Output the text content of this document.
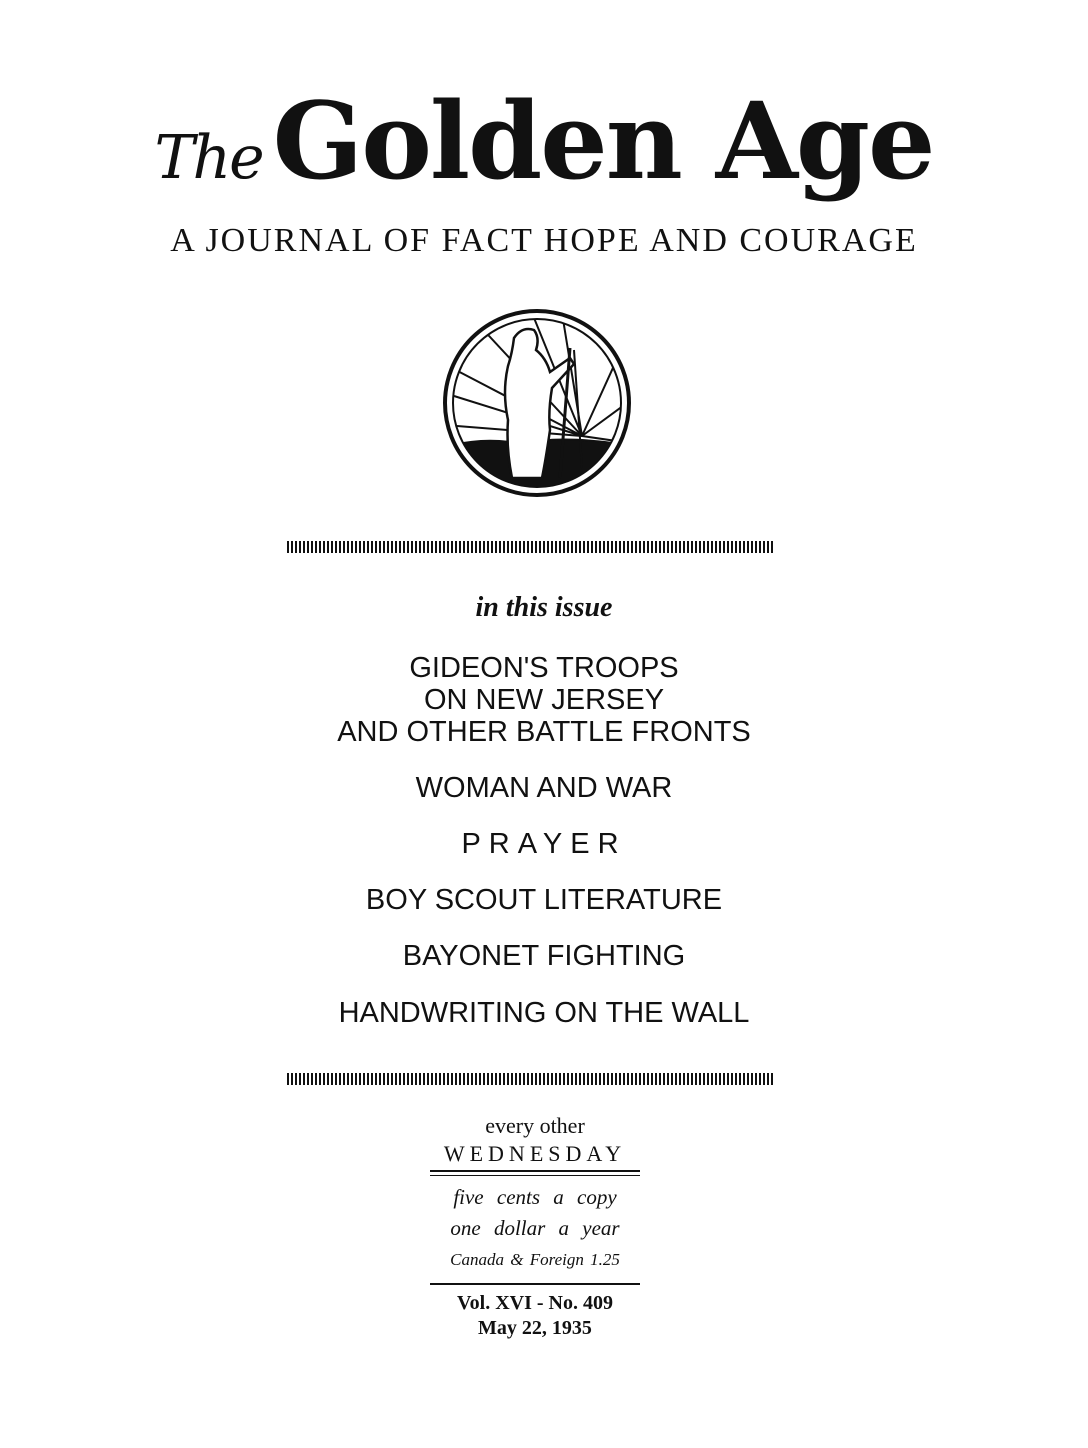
TheGolden Age
A JOURNAL OF FACT HOPE AND COURAGE
in this issue
GIDEON'S TROOPS
ON NEW JERSEY
AND OTHER BATTLE FRONTS
WOMAN AND WAR
PRAYER
BOY SCOUT LITERATURE
BAYONET FIGHTING
HANDWRITING ON THE WALL
every other
WEDNESDAY
five cents a copy
one dollar a year
Canada & Foreign 1.25
Vol. XVI - No. 409
May 22, 1935
